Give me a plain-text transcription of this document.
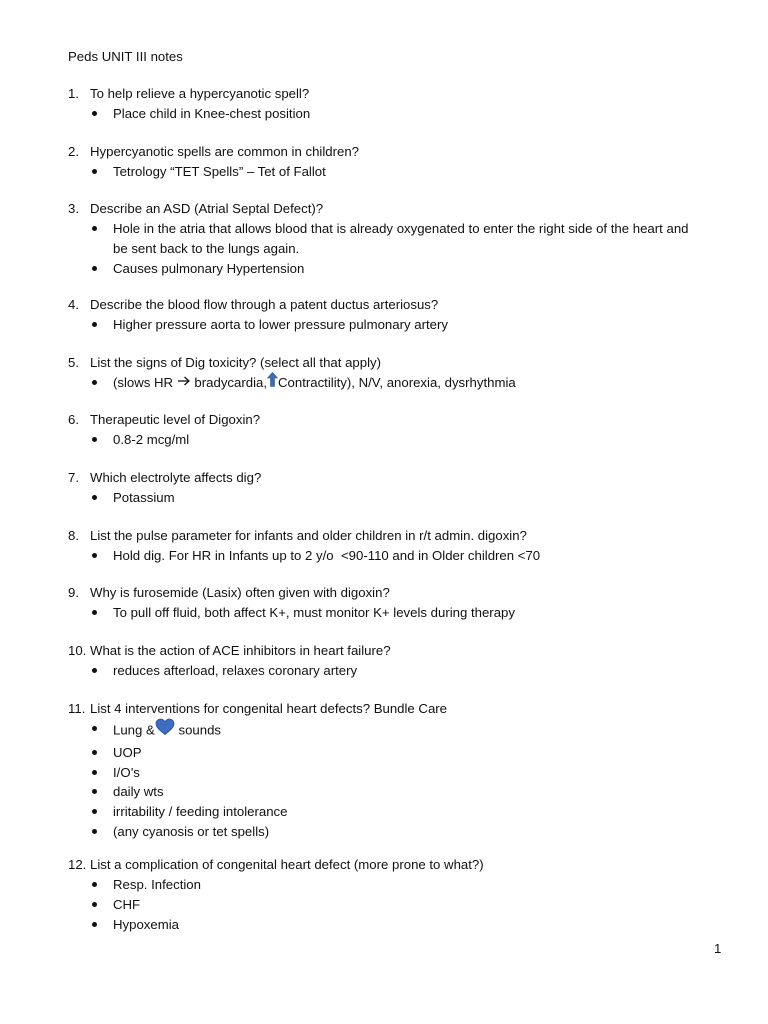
Peds UNIT III notes
1. To help relieve a hypercyanotic spell?
Place child in Knee-chest position
2. Hypercyanotic spells are common in children?
Tetrology “TET Spells” – Tet of Fallot
3. Describe an ASD (Atrial Septal Defect)?
Hole in the atria that allows blood that is already oxygenated to enter the right side of the heart and be sent back to the lungs again.
Causes pulmonary Hypertension
4. Describe the blood flow through a patent ductus arteriosus?
Higher pressure aorta to lower pressure pulmonary artery
5. List the signs of Dig toxicity? (select all that apply)
(slows HR bradycardia, Contractility), N/V, anorexia, dysrhythmia
6. Therapeutic level of Digoxin?
0.8-2 mcg/ml
7. Which electrolyte affects dig?
Potassium
8. List the pulse parameter for infants and older children in r/t admin. digoxin?
Hold dig. For HR in Infants up to 2 y/o  <90-110 and in Older children <70
9. Why is furosemide (Lasix) often given with digoxin?
To pull off fluid, both affect K+, must monitor K+ levels during therapy
10. What is the action of ACE inhibitors in heart failure?
reduces afterload, relaxes coronary artery
11. List 4 interventions for congenital heart defects? Bundle Care
Lung & sounds
UOP
I/O’s
daily wts
irritability / feeding intolerance
(any cyanosis or tet spells)
12. List a complication of congenital heart defect (more prone to what?)
Resp. Infection
CHF
Hypoxemia
1
